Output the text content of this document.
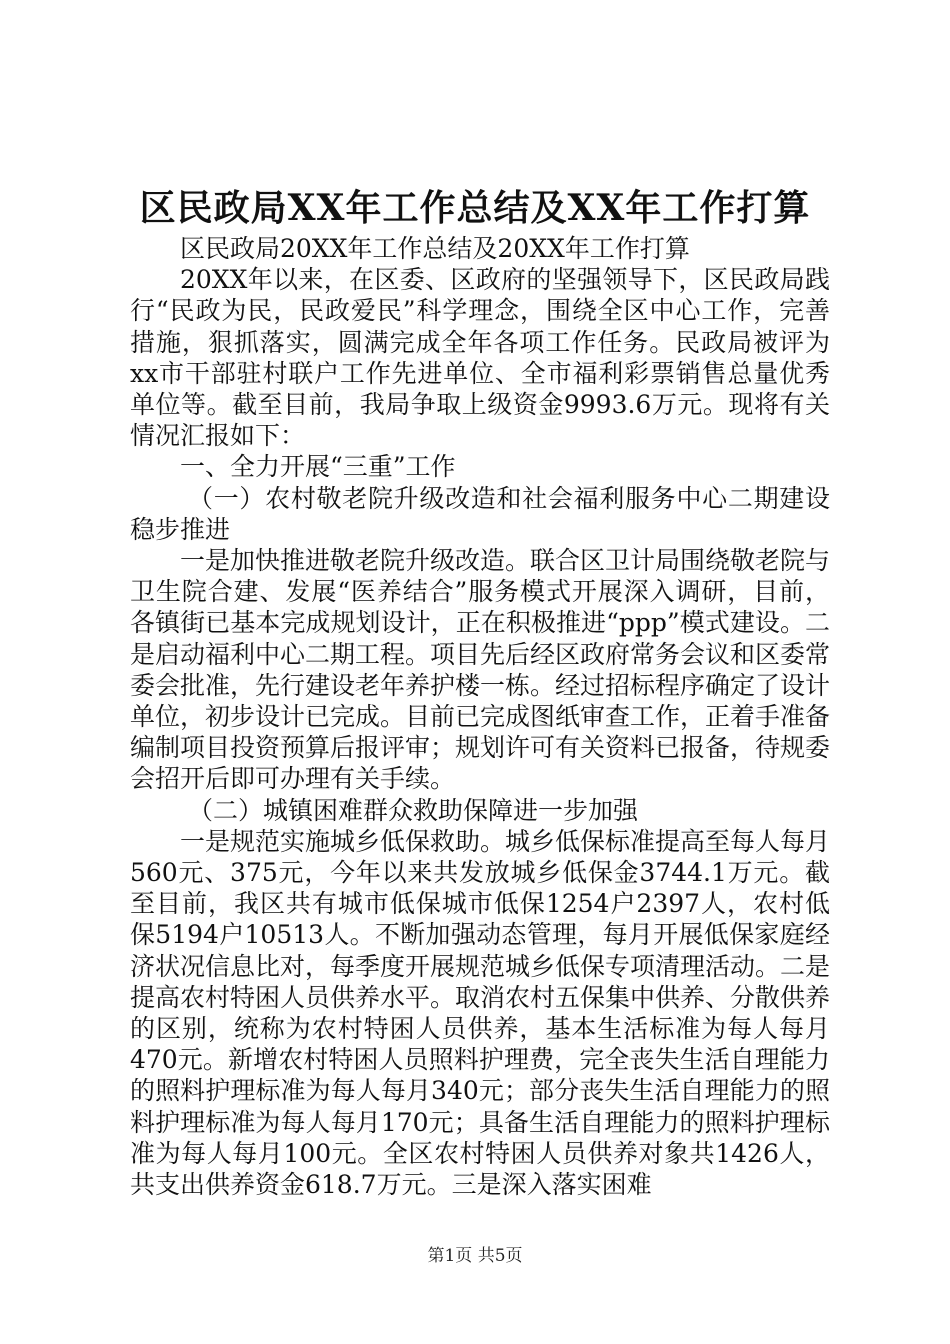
区民政局XX年工作总结及XX年工作打算

区民政局20XX年工作总结及20XX年工作打算

20XX年以来，在区委、区政府的坚强领导下，区民政局践行“民政为民，民政爱民”科学理念，围绕全区中心工作，完善措施，狠抓落实，圆满完成全年各项工作任务。民政局被评为xx市干部驻村联户工作先进单位、全市福利彩票销售总量优秀单位等。截至目前，我局争取上级资金9993.6万元。现将有关情况汇报如下：

一、全力开展“三重”工作

（一）农村敬老院升级改造和社会福利服务中心二期建设稳步推进

一是加快推进敬老院升级改造。联合区卫计局围绕敬老院与卫生院合建、发展“医养结合”服务模式开展深入调研，目前，各镇街已基本完成规划设计，正在积极推进“ppp”模式建设。二是启动福利中心二期工程。项目先后经区政府常务会议和区委常委会批准，先行建设老年养护楼一栋。经过招标程序确定了设计单位，初步设计已完成。目前已完成图纸审查工作，正着手准备编制项目投资预算后报评审；规划许可有关资料已报备，待规委会招开后即可办理有关手续。

（二）城镇困难群众救助保障进一步加强

一是规范实施城乡低保救助。城乡低保标准提高至每人每月560元、375元，今年以来共发放城乡低保金3744.1万元。截至目前，我区共有城市低保城市低保1254户2397人，农村低保5194户10513人。不断加强动态管理，每月开展低保家庭经济状况信息比对，每季度开展规范城乡低保专项清理活动。二是提高农村特困人员供养水平。取消农村五保集中供养、分散供养的区别，统称为农村特困人员供养，基本生活标准为每人每月470元。新增农村特困人员照料护理费，完全丧失生活自理能力的照料护理标准为每人每月340元；部分丧失生活自理能力的照料护理标准为每人每月170元；具备生活自理能力的照料护理标准为每人每月100元。全区农村特困人员供养对象共1426人，共支出供养资金618.7万元。三是深入落实困难

第1页 共5页
